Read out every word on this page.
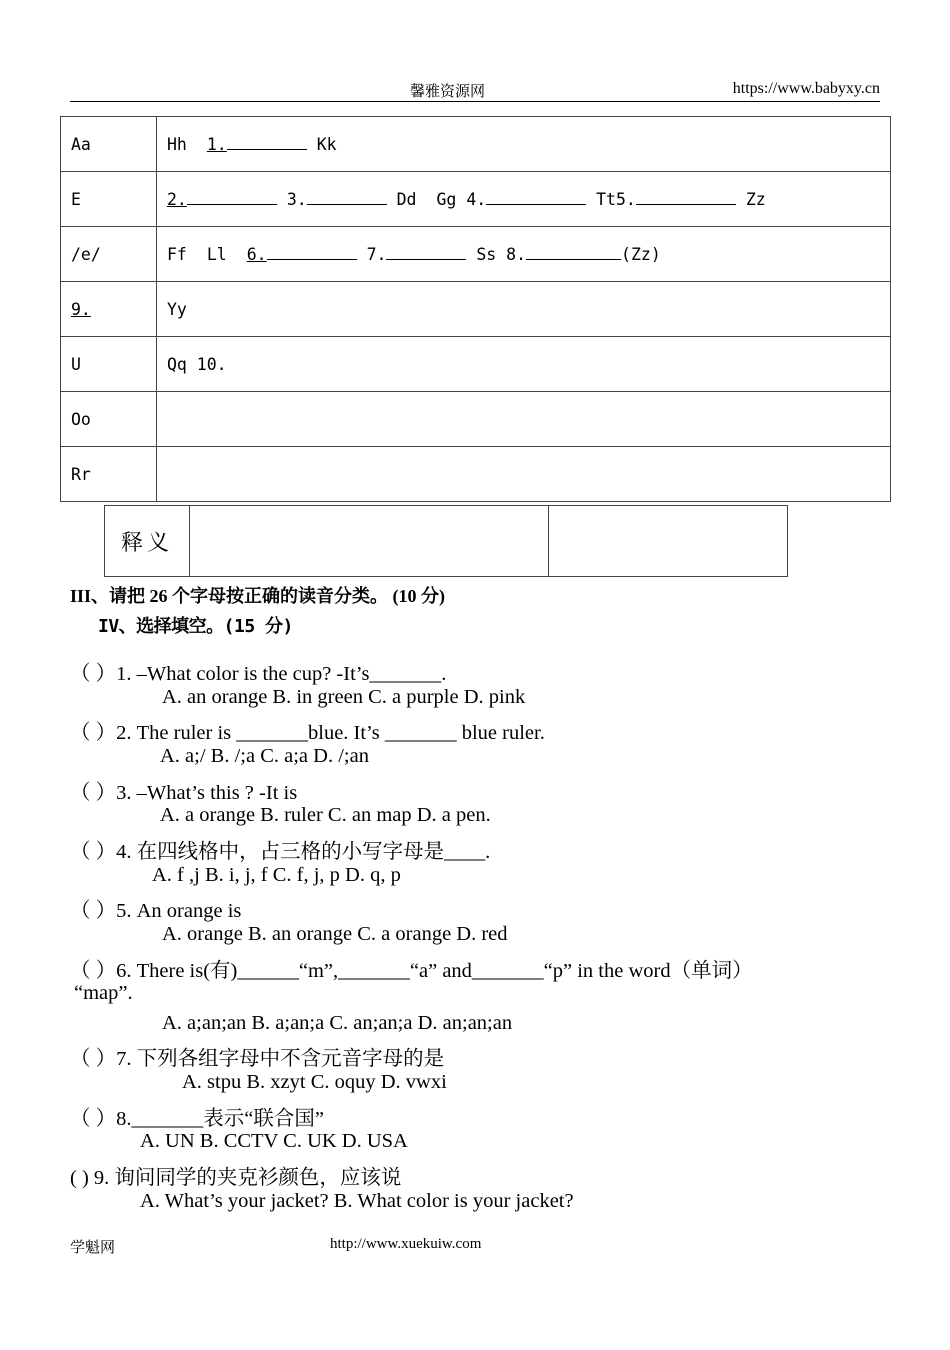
馨雅资源网	https://www.babyxy.cn
Aa	Hh 1. Kk
E	2. 3. Dd Gg 4. Tt5. Zz
/e/	Ff Ll 6. 7. Ss 8. (Zz)
9.	Yy
U	Qq 10.
Oo	
Rr	
释义		
III、请把 26 个字母按正确的读音分类。 (10 分)
IV、选择填空。(15 分)
（ ）1. –What color is the cup? -It’s_______.
A. an orange B. in green C. a purple D. pink
（ ）2. The ruler is _______blue. It’s _______ blue ruler.
A. a;/ B. /;a C. a;a D. /;an
（ ）3. –What’s this ? -It is
A. a orange B. ruler C. an map D. a pen.
（ ）4. 在四线格中，占三格的小写字母是____.
A. f ,j B. i, j, f C. f, j, p D. q, p
（ ）5. An orange is
A. orange B. an orange C. a orange D. red
（ ）6. There is(有)______“m”,_______“a” and_______“p” in the word（单词）
“map”.
A. a;an;an B. a;an;a C. an;an;a D. an;an;an
（ ）7. 下列各组字母中不含元音字母的是
A. stpu B. xzyt C. oquy D. vwxi
（ ）8._______表示“联合国”
A. UN B. CCTV C. UK D. USA
( ) 9. 询问同学的夹克衫颜色，应该说
A. What’s your jacket? B. What color is your jacket?
学魁网	http://www.xuekuiw.com
